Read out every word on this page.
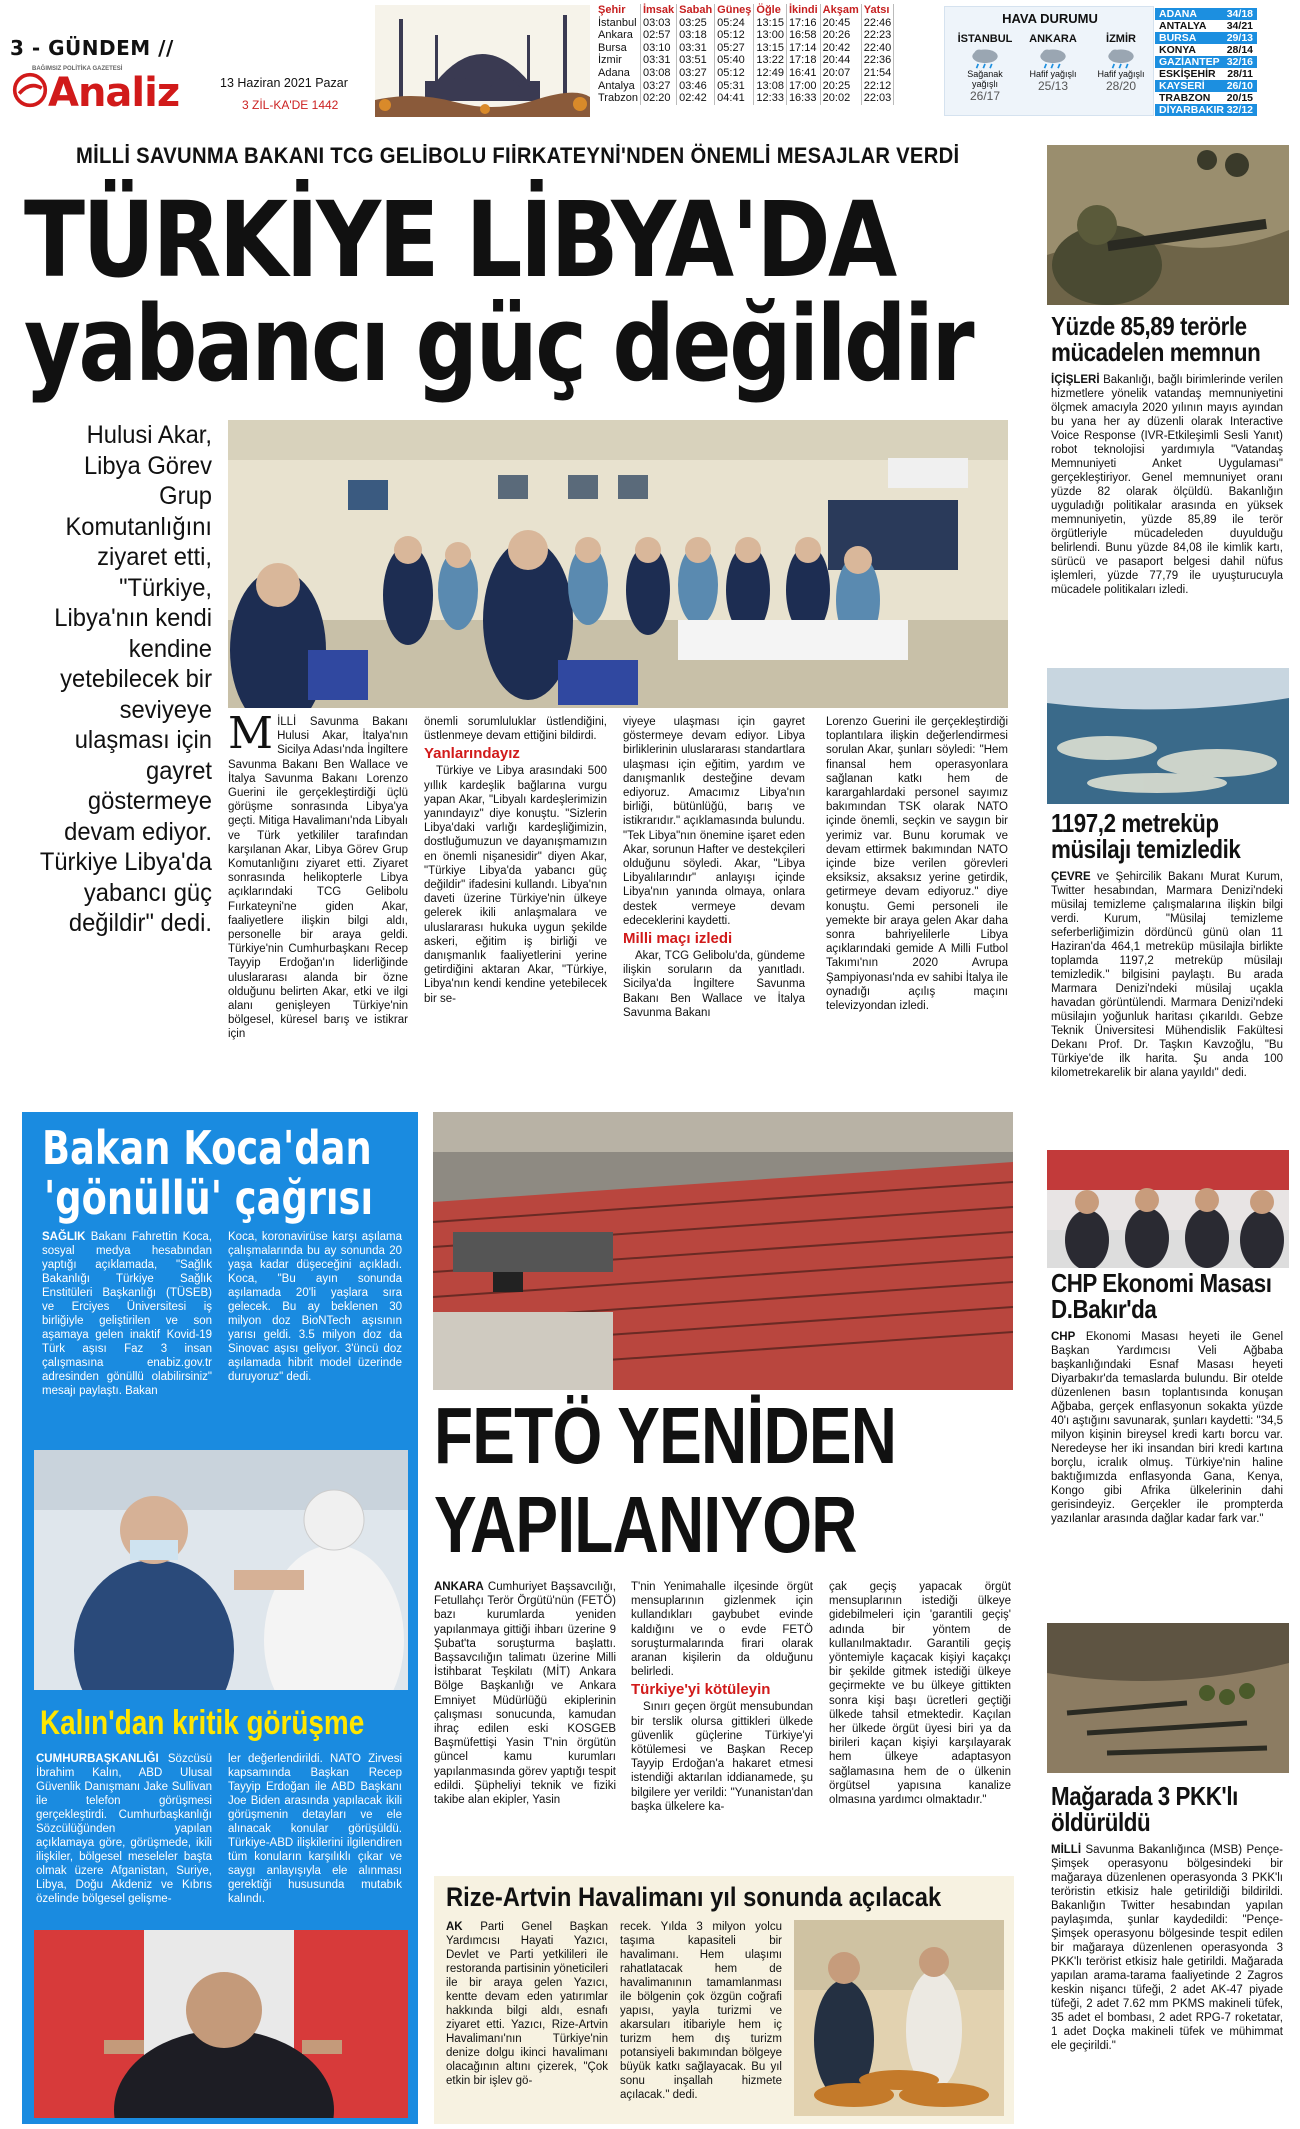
3 - GÜNDEM //
BAĞIMSIZ POLİTİKA GAZETESİ
Analiz	13 Haziran 2021 Pazar
3 ZİL-KA'DE 1442
Şehir	İmsak	Sabah	Güneş	Öğle	İkindi	Akşam	Yatsı
İstanbul	03:03	03:25	05:24	13:15	17:16	20:45	22:46
Ankara	02:57	03:18	05:12	13:00	16:58	20:26	22:23
Bursa	03:10	03:31	05:27	13:15	17:14	20:42	22:40
İzmir	03:31	03:51	05:40	13:22	17:18	20:44	22:36
Adana	03:08	03:27	05:12	12:49	16:41	20:07	21:54
Antalya	03:27	03:46	05:31	13:08	17:00	20:25	22:12
Trabzon	02:20	02:42	04:41	12:33	16:33	20:02	22:03
HAVA DURUMU
İSTANBUL
Sağanak yağışlı
26/17
ANKARA
Hafif yağışlı
25/13
İZMİR
Hafif yağışlı
28/20
ADANA	34/18
ANTALYA 34/21
BURSA	29/13
KONYA	28/14
GAZİANTEP 32/16
ESKİŞEHİR 28/11
KAYSERİ 26/10
TRABZON 20/15
DİYARBAKIR 32/12
MİLLİ SAVUNMA BAKANI TCG GELİBOLU FIİRKATEYNİ'NDEN ÖNEMLİ MESAJLAR VERDİ
TÜRKİYE LİBYA'DA
yabancı güç değildir
Hulusi Akar, Libya Görev Grup Komutanlığını ziyaret etti, "Türkiye, Libya'nın kendi kendine yetebilecek bir seviyeye ulaşması için gayret göstermeye devam ediyor. Türkiye Libya'da yabancı güç değildir" dedi.

MİLLİ Savunma Bakanı Hulusi Akar, İtalya'nın Sicilya Adası'nda İngiltere Savunma Bakanı Ben Wallace ve İtalya Savunma Bakanı Lorenzo Guerini ile gerçekleştirdiği üçlü görüşme sonrasında Libya'ya geçti. Mitiga Havalimanı'nda Libyalı ve Türk yetkililer tarafından karşılanan Akar, Libya Görev Grup Komutanlığını ziyaret etti. Ziyaret sonrasında helikopterle Libya açıklarındaki TCG Gelibolu Fıırkateyni'ne giden Akar, faaliyetlere ilişkin bilgi aldı, personelle bir araya geldi. Türkiye'nin Cumhurbaşkanı Recep Tayyip Erdoğan'ın liderliğinde uluslararası alanda bir özne olduğunu belirten Akar, etki ve ilgi alanı genişleyen Türkiye'nin bölgesel, küresel barış ve istikrar için

önemli sorumluluklar üstlendiğini, üstlenmeye devam ettiğini bildirdi.

Yanlarındayız

Türkiye ve Libya arasındaki 500 yıllık kardeşlik bağlarına vurgu yapan Akar, "Libyalı kardeşlerimizin yanındayız" diye konuştu. "Sizlerin Libya'daki varlığı kardeşliğimizin, dostluğumuzun ve dayanışmamızın en önemli nişanesidir" diyen Akar, "Türkiye Libya'da yabancı güç değildir" ifadesini kullandı. Libya'nın daveti üzerine Türkiye'nin ülkeye gelerek ikili anlaşmalara ve uluslararası hukuka uygun şekilde askeri, eğitim iş birliği ve danışmanlık faaliyetlerini yerine getirdiğini aktaran Akar, "Türkiye, Libya'nın kendi kendine yetebilecek bir se-

viyeye ulaşması için gayret göstermeye devam ediyor. Libya birliklerinin uluslararası standartlara ulaşması için eğitim, yardım ve danışmanlık desteğine devam ediyoruz. Amacımız Libya'nın birliği, bütünlüğü, barış ve istikrarıdır." açıklamasında bulundu. "Tek Libya"nın önemine işaret eden Akar, sorunun Hafter ve destekçileri olduğunu söyledi. Akar, "Libya Libyalılarındır" anlayışı içinde Libya'nın yanında olmaya, onlara destek vermeye devam edeceklerini kaydetti.

Milli maçı izledi

Akar, TCG Gelibolu'da, gündeme ilişkin soruların da yanıtladı. Sicilya'da İngiltere Savunma Bakanı Ben Wallace ve İtalya Savunma Bakanı

Lorenzo Guerini ile gerçekleştirdiği toplantılara ilişkin değerlendirmesi sorulan Akar, şunları söyledi: "Hem finansal hem operasyonlara sağlanan katkı hem de karargahlardaki personel sayımız bakımından TSK olarak NATO içinde önemli, seçkin ve saygın bir yerimiz var. Bunu korumak ve devam ettirmek bakımından NATO içinde bize verilen görevleri eksiksiz, aksaksız yerine getirdik, getirmeye devam ediyoruz." diye konuştu. Gemi personeli ile yemekte bir araya gelen Akar daha sonra bahriyelilerle Libya açıklarındaki gemide A Milli Futbol Takımı'nın 2020 Avrupa Şampiyonası'nda ev sahibi İtalya ile oynadığı açılış maçını televizyondan izledi.

Bakan Koca'dan
'gönüllü' çağrısı

SAĞLIK Bakanı Fahrettin Koca, sosyal medya hesabından yaptığı açıklamada, "Sağlık Bakanlığı Türkiye Sağlık Enstitüleri Başkanlığı (TÜSEB) ve Erciyes Üniversitesi iş birliğiyle geliştirilen ve son aşamaya gelen inaktif Kovid-19 Türk aşısı Faz 3 insan çalışmasına enabiz.gov.tr adresinden gönüllü olabilirsiniz" mesajı paylaştı. Bakan

Koca, koronavirüse karşı aşılama çalışmalarında bu ay sonunda 20 yaşa kadar düşeceğini açıkladı. Koca, "Bu ayın sonunda aşılamada 20'li yaşlara sıra gelecek. Bu ay beklenen 30 milyon doz BioNTech aşısının yarısı geldi. 3.5 milyon doz da Sinovac aşısı geliyor. 3'üncü doz aşılamada hibrit model üzerinde duruyoruz" dedi.

Kalın'dan kritik görüşme

CUMHURBAŞKANLIĞI Sözcüsü İbrahim Kalın, ABD Ulusal Güvenlik Danışmanı Jake Sullivan ile telefon görüşmesi gerçekleştirdi. Cumhurbaşkanlığı Sözcülüğünden yapılan açıklamaya göre, görüşmede, ikili ilişkiler, bölgesel meseleler başta olmak üzere Afganistan, Suriye, Libya, Doğu Akdeniz ve Kıbrıs özelinde bölgesel gelişme-

ler değerlendirildi. NATO Zirvesi kapsamında Başkan Recep Tayyip Erdoğan ile ABD Başkanı Joe Biden arasında yapılacak ikili görüşmenin detayları ve ele alınacak konular görüşüldü. Türkiye-ABD ilişkilerini ilgilendiren tüm konuların karşılıklı çıkar ve saygı anlayışıyla ele alınması gerektiği hususunda mutabık kalındı.

FETÖ YENİDEN
YAPILANIYOR

ANKARA Cumhuriyet Başsavcılığı, Fetullahçı Terör Örgütü'nün (FETÖ) bazı kurumlarda yeniden yapılanmaya gittiği ihbarı üzerine 9 Şubat'ta soruşturma başlattı. Başsavcılığın talimatı üzerine Milli İstihbarat Teşkilatı (MİT) Ankara Bölge Başkanlığı ve Ankara Emniyet Müdürlüğü ekiplerinin çalışması sonucunda, kamudan ihraç edilen eski KOSGEB Başmüfettişi Yasin T'nin örgütün güncel kamu kurumları yapılanmasında görev yaptığı tespit edildi. Şüpheliyi teknik ve fiziki takibe alan ekipler, Yasin

T'nin Yenimahalle ilçesinde örgüt mensuplarının gizlenmek için kullandıkları gaybubet evinde kaldığını ve o evde FETÖ soruşturmalarında firari olarak aranan kişilerin da olduğunu belirledi.

Türkiye'yi kötüleyin

Sınırı geçen örgüt mensubundan bir terslik olursa gittikleri ülkede güvenlik güçlerine Türkiye'yi kötülemesi ve Başkan Recep Tayyip Erdoğan'a hakaret etmesi istendiği aktarılan iddianamede, şu bilgilere yer verildi: "Yunanistan'dan başka ülkelere ka-

çak geçiş yapacak örgüt mensuplarının istediği ülkeye gidebilmeleri için 'garantili geçiş' adında bir yöntem de kullanılmaktadır. Garantili geçiş yöntemiyle kaçacak kişiyi kaçakçı bir şekilde gitmek istediği ülkeye geçirmekte ve bu ülkeye gittikten sonra kişi başı ücretleri geçtiği ülkede tahsil etmektedir. Kaçılan her ülkede örgüt üyesi biri ya da birileri kaçan kişiyi karşılayarak hem ülkeye adaptasyon sağlamasına hem de o ülkenin örgütsel yapısına kanalize olmasına yardımcı olmaktadır."

Rize-Artvin Havalimanı yıl sonunda açılacak

AK Parti Genel Başkan Yardımcısı Hayati Yazıcı, Devlet ve Parti yetkilileri ile restoranda partisinin yöneticileri ile bir araya gelen Yazıcı, kentte devam eden yatırımlar hakkında bilgi aldı, esnafı ziyaret etti. Yazıcı, Rize-Artvin Havalimanı'nın Türkiye'nin denize dolgu ikinci havalimanı olacağının altını çizerek, "Çok etkin bir işlev gö-

recek. Yılda 3 milyon yolcu taşıma kapasiteli bir havalimanı. Hem ulaşımı rahatlatacak hem de havalimanının tamamlanması ile bölgenin çok özgün coğrafi yapısı, yayla turizmi ve akarsuları itibariyle hem iç turizm hem dış turizm potansiyeli bakımından bölgeye büyük katkı sağlayacak. Bu yıl sonu inşallah hizmete açılacak." dedi.

Yüzde 85,89 terörle mücadelen memnun

İÇİŞLERİ Bakanlığı, bağlı birimlerinde verilen hizmetlere yönelik vatandaş memnuniyetini ölçmek amacıyla 2020 yılının mayıs ayından bu yana her ay düzenli olarak Interactive Voice Response (IVR-Etkileşimli Sesli Yanıt) robot teknolojisi yardımıyla "Vatandaş Memnuniyeti Anket Uygulaması" gerçekleştiriyor. Genel memnuniyet oranı yüzde 82 olarak ölçüldü. Bakanlığın uyguladığı politikalar arasında en yüksek memnuniyetin, yüzde 85,89 ile terör örgütleriyle mücadeleden duyulduğu belirlendi. Bunu yüzde 84,08 ile kimlik kartı, sürücü ve pasaport belgesi dahil nüfus işlemleri, yüzde 77,79 ile uyuşturucuyla mücadele politikaları izledi.

1197,2 metreküp müsilajı temizledik

ÇEVRE ve Şehircilik Bakanı Murat Kurum, Twitter hesabından, Marmara Denizi'ndeki müsilaj temizleme çalışmalarına ilişkin bilgi verdi. Kurum, "Müsilaj temizleme seferberliğimizin dördüncü günü olan 11 Haziran'da 464,1 metreküp müsilajla birlikte toplamda 1197,2 metreküp müsilajı temizledik." bilgisini paylaştı. Bu arada Marmara Denizi'ndeki müsilaj uçakla havadan görüntülendi. Marmara Denizi'ndeki müsilajın yoğunluk haritası çıkarıldı. Gebze Teknik Üniversitesi Mühendislik Fakültesi Dekanı Prof. Dr. Taşkın Kavzoğlu, "Bu Türkiye'de ilk harita. Şu anda 100 kilometrekarelik bir alana yayıldı" dedi.

CHP Ekonomi Masası D.Bakır'da

CHP Ekonomi Masası heyeti ile Genel Başkan Yardımcısı Veli Ağbaba başkanlığındaki Esnaf Masası heyeti Diyarbakır'da temaslarda bulundu. Bir otelde düzenlenen basın toplantısında konuşan Ağbaba, gerçek enflasyonun sokakta yüzde 40'ı aştığını savunarak, şunları kaydetti: "34,5 milyon kişinin bireysel kredi kartı borcu var. Neredeyse her iki insandan biri kredi kartına borçlu, icralık olmuş. Türkiye'nin haline baktığımızda enflasyonda Gana, Kenya, Kongo gibi Afrika ülkelerinin dahi gerisindeyiz. Gerçekler ile prompterda yazılanlar arasında dağlar kadar fark var."

Mağarada 3 PKK'lı öldürüldü

MİLLİ Savunma Bakanlığınca (MSB) Pençe-Şimşek operasyonu bölgesindeki bir mağaraya düzenlenen operasyonda 3 PKK'lı teröristin etkisiz hale getirildiği bildirildi. Bakanlığın Twitter hesabından yapılan paylaşımda, şunlar kaydedildi: "Pençe-Şimşek operasyonu bölgesinde tespit edilen bir mağaraya düzenlenen operasyonda 3 PKK'lı terörist etkisiz hale getirildi. Mağarada yapılan arama-tarama faaliyetinde 2 Zagros keskin nişancı tüfeği, 2 adet AK-47 piyade tüfeği, 2 adet 7.62 mm PKMS makineli tüfek, 35 adet el bombası, 2 adet RPG-7 roketatar, 1 adet Doçka makineli tüfek ve mühimmat ele geçirildi."
